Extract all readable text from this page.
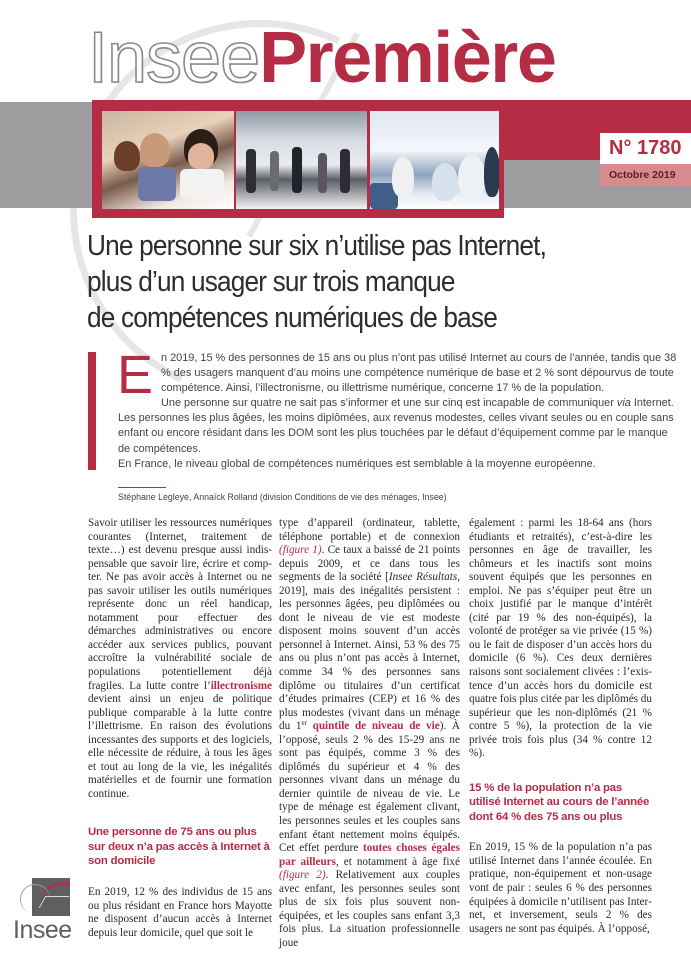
InseePremière
N° 1780
Octobre 2019
Une personne sur six n’utilise pas Internet,
plus d’un usager sur trois manque
de compétences numériques de base

En 2019, 15 % des personnes de 15 ans ou plus n’ont pas utilisé Internet au cours de l’année, tandis que 38 % des usagers manquent d’au moins une compétence numérique de base et 2 % sont dépourvus de toute compétence. Ainsi, l’illectronisme, ou illettrisme numérique, concerne 17 % de la population.

Une personne sur quatre ne sait pas s’informer et une sur cinq est incapable de communiquer via Internet. Les personnes les plus âgées, les moins diplômées, aux revenus modestes, celles vivant seules ou en couple sans enfant ou encore résidant dans les DOM sont les plus touchées par le défaut d’équipement comme par le manque de compétences.

En France, le niveau global de compétences numériques est semblable à la moyenne européenne.

Stéphane Legleye, Annaïck Rolland (division Conditions de vie des ménages, Insee)

Savoir utiliser les ressources numériques courantes (Internet, traitement de texte…) est devenu presque aussi indispensable que savoir lire, écrire et compter. Ne pas avoir accès à Internet ou ne pas savoir utiliser les outils numériques représente donc un réel handicap, notamment pour effectuer des démarches administratives ou encore accéder aux services publics, pouvant accroître la vulnérabilité sociale de populations potentiellement déjà fragiles. La lutte contre l’illectronisme devient ainsi un enjeu de politique publique comparable à la lutte contre l’illettrisme. En raison des évolutions incessantes des supports et des logiciels, elle nécessite de réduire, à tous les âges et tout au long de la vie, les inégalités matérielles et de fournir une formation continue.

Une personne de 75 ans ou plus sur deux n’a pas accès à Internet à son domicile

En 2019, 12 % des individus de 15 ans ou plus résidant en France hors Mayotte ne disposent d’aucun accès à Internet depuis leur domicile, quel que soit le

type d’appareil (ordinateur, tablette, téléphone portable) et de connexion (figure 1). Ce taux a baissé de 21 points depuis 2009, et ce dans tous les segments de la société [Insee Résultats, 2019], mais des inégalités persistent : les personnes âgées, peu diplômées ou dont le niveau de vie est modeste disposent moins souvent d’un accès personnel à Internet. Ainsi, 53 % des 75 ans ou plus n’ont pas accès à Internet, comme 34 % des personnes sans diplôme ou titulaires d’un certificat d’études primaires (CEP) et 16 % des plus modestes (vivant dans un ménage du 1er quintile de niveau de vie). À l’opposé, seuls 2 % des 15-29 ans ne sont pas équipés, comme 3 % des diplômés du supérieur et 4 % des personnes vivant dans un ménage du dernier quintile de niveau de vie. Le type de ménage est également clivant, les personnes seules et les couples sans enfant étant nettement moins équipés. Cet effet perdure toutes choses égales par ailleurs, et notamment à âge fixé (figure 2). Relativement aux couples avec enfant, les personnes seules sont plus de six fois plus souvent non-équipées, et les couples sans enfant 3,3 fois plus. La situation professionnelle joue

également : parmi les 18-64 ans (hors étudiants et retraités), c’est-à-dire les personnes en âge de travailler, les chômeurs et les inactifs sont moins souvent équipés que les personnes en emploi. Ne pas s’équiper peut être un choix justifié par le manque d’intérêt (cité par 19 % des non-équipés), la volonté de protéger sa vie privée (15 %) ou le fait de disposer d’un accès hors du domicile (6 %). Ces deux dernières raisons sont socialement clivées : l’existence d’un accès hors du domicile est quatre fois plus citée par les diplômés du supérieur que les non-diplômés (21 % contre 5 %), la protection de la vie privée trois fois plus (34 % contre 12 %).

15 % de la population n’a pas utilisé Internet au cours de l’année dont 64 % des 75 ans ou plus

En 2019, 15 % de la population n’a pas utilisé Internet dans l’année écoulée. En pratique, non-équipement et non-usage vont de pair : seules 6 % des personnes équipées à domicile n’utilisent pas Internet, et inversement, seuls 2 % des usagers ne sont pas équipés. À l’opposé,

Insee
